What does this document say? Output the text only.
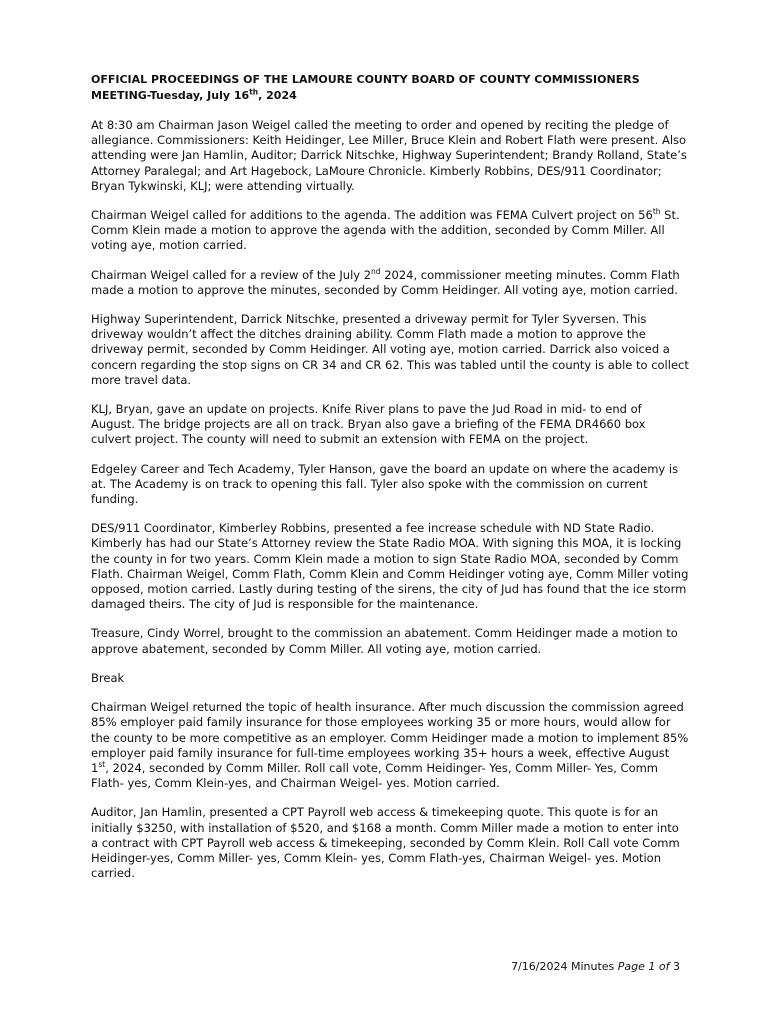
OFFICIAL PROCEEDINGS OF THE LAMOURE COUNTY BOARD OF COUNTY COMMISSIONERS
MEETING-Tuesday, July 16th, 2024

At 8:30 am Chairman Jason Weigel called the meeting to order and opened by reciting the pledge of allegiance. Commissioners: Keith Heidinger, Lee Miller, Bruce Klein and Robert Flath were present. Also attending were Jan Hamlin, Auditor; Darrick Nitschke, Highway Superintendent; Brandy Rolland, State’s Attorney Paralegal; and Art Hagebock, LaMoure Chronicle. Kimberly Robbins, DES/911 Coordinator; Bryan Tykwinski, KLJ; were attending virtually.

Chairman Weigel called for additions to the agenda. The addition was FEMA Culvert project on 56th St. Comm Klein made a motion to approve the agenda with the addition, seconded by Comm Miller. All voting aye, motion carried.

Chairman Weigel called for a review of the July 2nd 2024, commissioner meeting minutes. Comm Flath made a motion to approve the minutes, seconded by Comm Heidinger. All voting aye, motion carried.

Highway Superintendent, Darrick Nitschke, presented a driveway permit for Tyler Syversen. This driveway wouldn’t affect the ditches draining ability. Comm Flath made a motion to approve the driveway permit, seconded by Comm Heidinger. All voting aye, motion carried. Darrick also voiced a concern regarding the stop signs on CR 34 and CR 62. This was tabled until the county is able to collect more travel data.

KLJ, Bryan, gave an update on projects. Knife River plans to pave the Jud Road in mid- to end of August. The bridge projects are all on track. Bryan also gave a briefing of the FEMA DR4660 box culvert project. The county will need to submit an extension with FEMA on the project.

Edgeley Career and Tech Academy, Tyler Hanson, gave the board an update on where the academy is at. The Academy is on track to opening this fall. Tyler also spoke with the commission on current funding.

DES/911 Coordinator, Kimberley Robbins, presented a fee increase schedule with ND State Radio. Kimberly has had our State’s Attorney review the State Radio MOA. With signing this MOA, it is locking the county in for two years. Comm Klein made a motion to sign State Radio MOA, seconded by Comm Flath. Chairman Weigel, Comm Flath, Comm Klein and Comm Heidinger voting aye, Comm Miller voting opposed, motion carried. Lastly during testing of the sirens, the city of Jud has found that the ice storm damaged theirs. The city of Jud is responsible for the maintenance.

Treasure, Cindy Worrel, brought to the commission an abatement. Comm Heidinger made a motion to approve abatement, seconded by Comm Miller. All voting aye, motion carried.

Break

Chairman Weigel returned the topic of health insurance. After much discussion the commission agreed 85% employer paid family insurance for those employees working 35 or more hours, would allow for the county to be more competitive as an employer. Comm Heidinger made a motion to implement 85% employer paid family insurance for full-time employees working 35+ hours a week, effective August 1st, 2024, seconded by Comm Miller. Roll call vote, Comm Heidinger- Yes, Comm Miller- Yes, Comm Flath- yes, Comm Klein-yes, and Chairman Weigel- yes. Motion carried.

Auditor, Jan Hamlin, presented a CPT Payroll web access & timekeeping quote. This quote is for an initially $3250, with installation of $520, and $168 a month. Comm Miller made a motion to enter into a contract with CPT Payroll web access & timekeeping, seconded by Comm Klein. Roll Call vote Comm Heidinger-yes, Comm Miller- yes, Comm Klein- yes, Comm Flath-yes, Chairman Weigel- yes. Motion carried.

7/16/2024 Minutes Page 1 of 3
